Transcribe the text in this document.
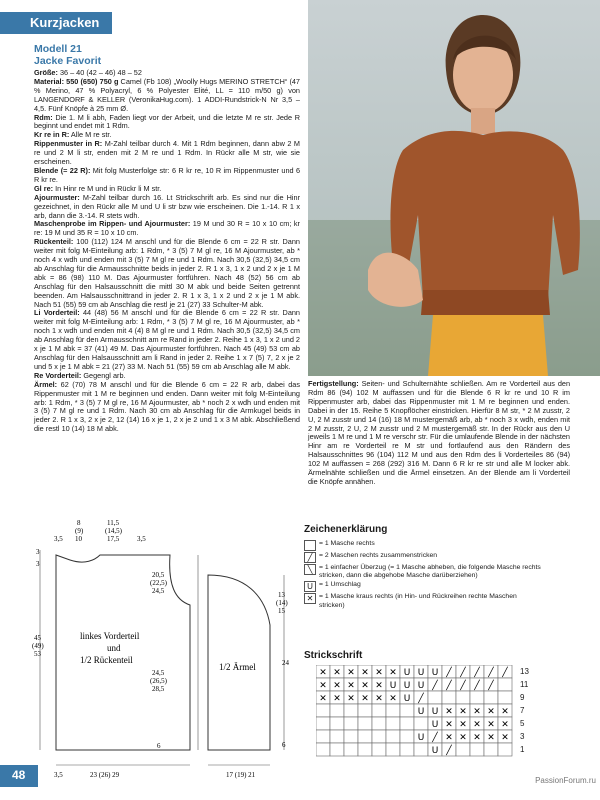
Kurzjacken
Modell 21
Jacke Favorit
Größe: 36 – 40 (42 – 46) 48 – 52
Material: 550 (650) 750 g Camel (Fb 108) „Woolly Hugs MERINO STRETCH“ (47 % Merino, 47 % Polyacryl, 6 % Polyester Elité, LL = 110 m/50 g) von LANGENDORF & KELLER (VeronikaHug.com). 1 ADDI-Rundstrick-N Nr 3,5 – 4,5. Fünf Knöpfe à 25 mm Ø.
Rdm: Die 1. M li abh, Faden liegt vor der Arbeit, und die letzte M re str. Jede R beginnt und endet mit 1 Rdm.
Kr re in R: Alle M re str.
Rippenmuster in R: M-Zahl teilbar durch 4. Mit 1 Rdm beginnen, dann abw 2 M re und 2 M li str, enden mit 2 M re und 1 Rdm. In Rückr alle M str, wie sie erscheinen.
Blende (= 22 R): Mit folg Musterfolge str: 6 R kr re, 10 R im Rippenmuster und 6 R kr re.
Gl re: In Hinr re M und in Rückr li M str.
Ajourmuster: M-Zahl teilbar durch 16. Lt Strickschrift arb. Es sind nur die Hinr gezeichnet, in den Rückr alle M und U li str bzw wie erscheinen. Die 1.-14. R 1 x arb, dann die 3.-14. R stets wdh.
Maschenprobe im Rippen- und Ajourmuster: 19 M und 30 R = 10 x 10 cm; kr re: 19 M und 35 R = 10 x 10 cm.
Rückenteil: 100 (112) 124 M anschl und für die Blende 6 cm = 22 R str. Dann weiter mit folg M-Einteilung arb: 1 Rdm, * 3 (5) 7 M gl re, 16 M Ajourmuster, ab * noch 4 x wdh und enden mit 3 (5) 7 M gl re und 1 Rdm. Nach 30,5 (32,5) 34,5 cm ab Anschlag für die Armausschnitte beids in jeder 2. R 1 x 3, 1 x 2 und 2 x je 1 M abk = 86 (98) 110 M. Das Ajourmuster fortführen. Nach 48 (52) 56 cm ab Anschlag für den Halsausschnitt die mittl 30 M abk und beide Seiten getrennt beenden. Am Halsausschnittrand in jeder 2. R 1 x 3, 1 x 2 und 2 x je 1 M abk. Nach 51 (55) 59 cm ab Anschlag die restl je 21 (27) 33 Schulter-M abk.
Li Vorderteil: 44 (48) 56 M anschl und für die Blende 6 cm = 22 R str. Dann weiter mit folg M-Einteilung arb: 1 Rdm, * 3 (5) 7 M gl re, 16 M Ajourmuster, ab * noch 1 x wdh und enden mit 4 (4) 8 M gl re und 1 Rdm. Nach 30,5 (32,5) 34,5 cm ab Anschlag für den Armausschnitt am re Rand in jeder 2. Reihe 1 x 3, 1 x 2 und 2 x je 1 M abk = 37 (41) 49 M. Das Ajourmuster fortführen. Nach 45 (49) 53 cm ab Anschlag für den Halsausschnitt am li Rand in jeder 2. Reihe 1 x 7 (5) 7, 2 x je 2 und 5 x je 1 M abk = 21 (27) 33 M. Nach 51 (55) 59 cm ab Anschlag alle M abk.
Re Vorderteil: Gegengl arb.
Ärmel: 62 (70) 78 M anschl und für die Blende 6 cm = 22 R arb, dabei das Rippenmuster mit 1 M re beginnen und enden. Dann weiter mit folg M-Einteilung arb: 1 Rdm, * 3 (5) 7 M gl re, 16 M Ajourmuster, ab * noch 2 x wdh und enden mit 3 (5) 7 M gl re und 1 Rdm. Nach 30 cm ab Anschlag für die Armkugel beids in jeder 2. R 1 x 3, 2 x je 2, 12 (14) 16 x je 1, 2 x je 2 und 1 x 3 M abk. Abschließend die restl 10 (14) 18 M abk.
Fertigstellung: Seiten- und Schulternähte schließen. Am re Vorderteil aus den Rdm 86 (94) 102 M auffassen und für die Blende 6 R kr re und 10 R im Rippenmuster arb, dabei das Rippenmuster mit 1 M re beginnen und enden. Dabei in der 15. Reihe 5 Knopflöcher einstricken. Hierfür 8 M str, * 2 M zusstr, 2 U, 2 M zusstr und 14 (16) 18 M mustergemäß arb, ab * noch 3 x wdh, enden mit 2 M zusstr, 2 U, 2 M zusstr und 2 M mustergemäß str. In der Rückr aus den U jeweils 1 M re und 1 M re verschr str. Für die umlaufende Blende in der nächsten Hinr am re Vorderteil re M str und fortlaufend aus den Rändern des Halsausschnittes 96 (104) 112 M und aus den Rdm des li Vorderteiles 86 (94) 102 M auffassen = 268 (292) 316 M. Dann 6 R kr re str und alle M locker abk. Ärmelnähte schließen und die Ärmel einsetzen. An der Blende am li Vorderteil die Knöpfe annähen.
linkes Vorderteil
und
1/2 Rückenteil
1/2 Ärmel
8
(9)
10
11,5
(14,5)
17,5
3,5	3,5
3
3
20,5
(22,5)
24,5
45
(49)
53
24,5
(26,5)
28,5
6
23 (26) 29
3,5
13
(14)
15
24
6
17 (19) 21
Zeichenerklärung
= 1 Masche rechts
╱ = 2 Maschen rechts zusammenstricken
╲ = 1 einfacher Überzug (= 1 Masche abheben, die folgende Masche rechts stricken, dann die abgehobe Masche darüberziehen)
U = 1 Umschlag
✕ = 1 Masche kraus rechts (in Hin- und Rückreihen rechte Maschen stricken)
Strickschrift
✕ ✕ ✕ ✕ ✕ ✕ U U U ╱ ╱ ╱ ╱ ╱
✕ ✕ ✕ ✕ ✕ U U U ╱ ╱ ╱ ╱ ╱
✕ ✕ ✕ ✕ ✕ ✕ U ╱
U U ✕ ✕ ✕ ✕ ✕
U ✕ ✕ ✕ ✕ ✕
U ╱ ✕ ✕ ✕ ✕ ✕
U ╱
13
11
9
7
5
3
1
48	PassionForum.ru
